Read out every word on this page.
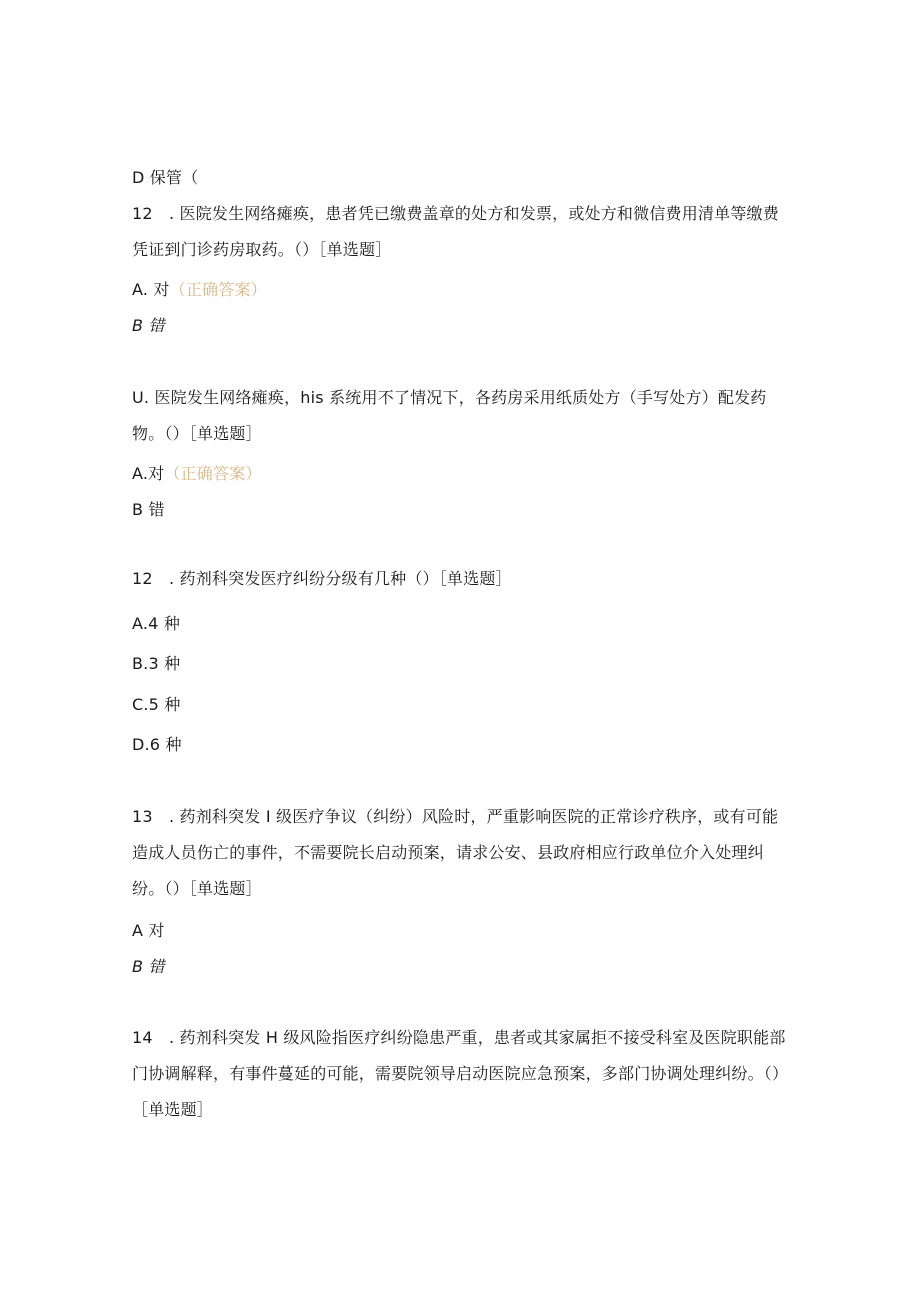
D 保管（
12　. 医院发生网络瘫痪，患者凭已缴费盖章的处方和发票，或处方和微信费用清单等缴费凭证到门诊药房取药。（）［单选题］
A. 对（正确答案）
B 错
U. 医院发生网络瘫痪，his 系统用不了情况下，各药房采用纸质处方（手写处方）配发药物。（）［单选题］
A.对（正确答案）
B 错
12　. 药剂科突发医疗纠纷分级有几种（）［单选题］
A.4 种
B.3 种
C.5 种
D.6 种
13　. 药剂科突发 I 级医疗争议（纠纷）风险时，严重影响医院的正常诊疗秩序，或有可能造成人员伤亡的事件，不需要院长启动预案，请求公安、县政府相应行政单位介入处理纠纷。（）［单选题］
A 对
B 错
14　. 药剂科突发 H 级风险指医疗纠纷隐患严重，患者或其家属拒不接受科室及医院职能部门协调解释，有事件蔓延的可能，需要院领导启动医院应急预案，多部门协调处理纠纷。（）［单选题］
